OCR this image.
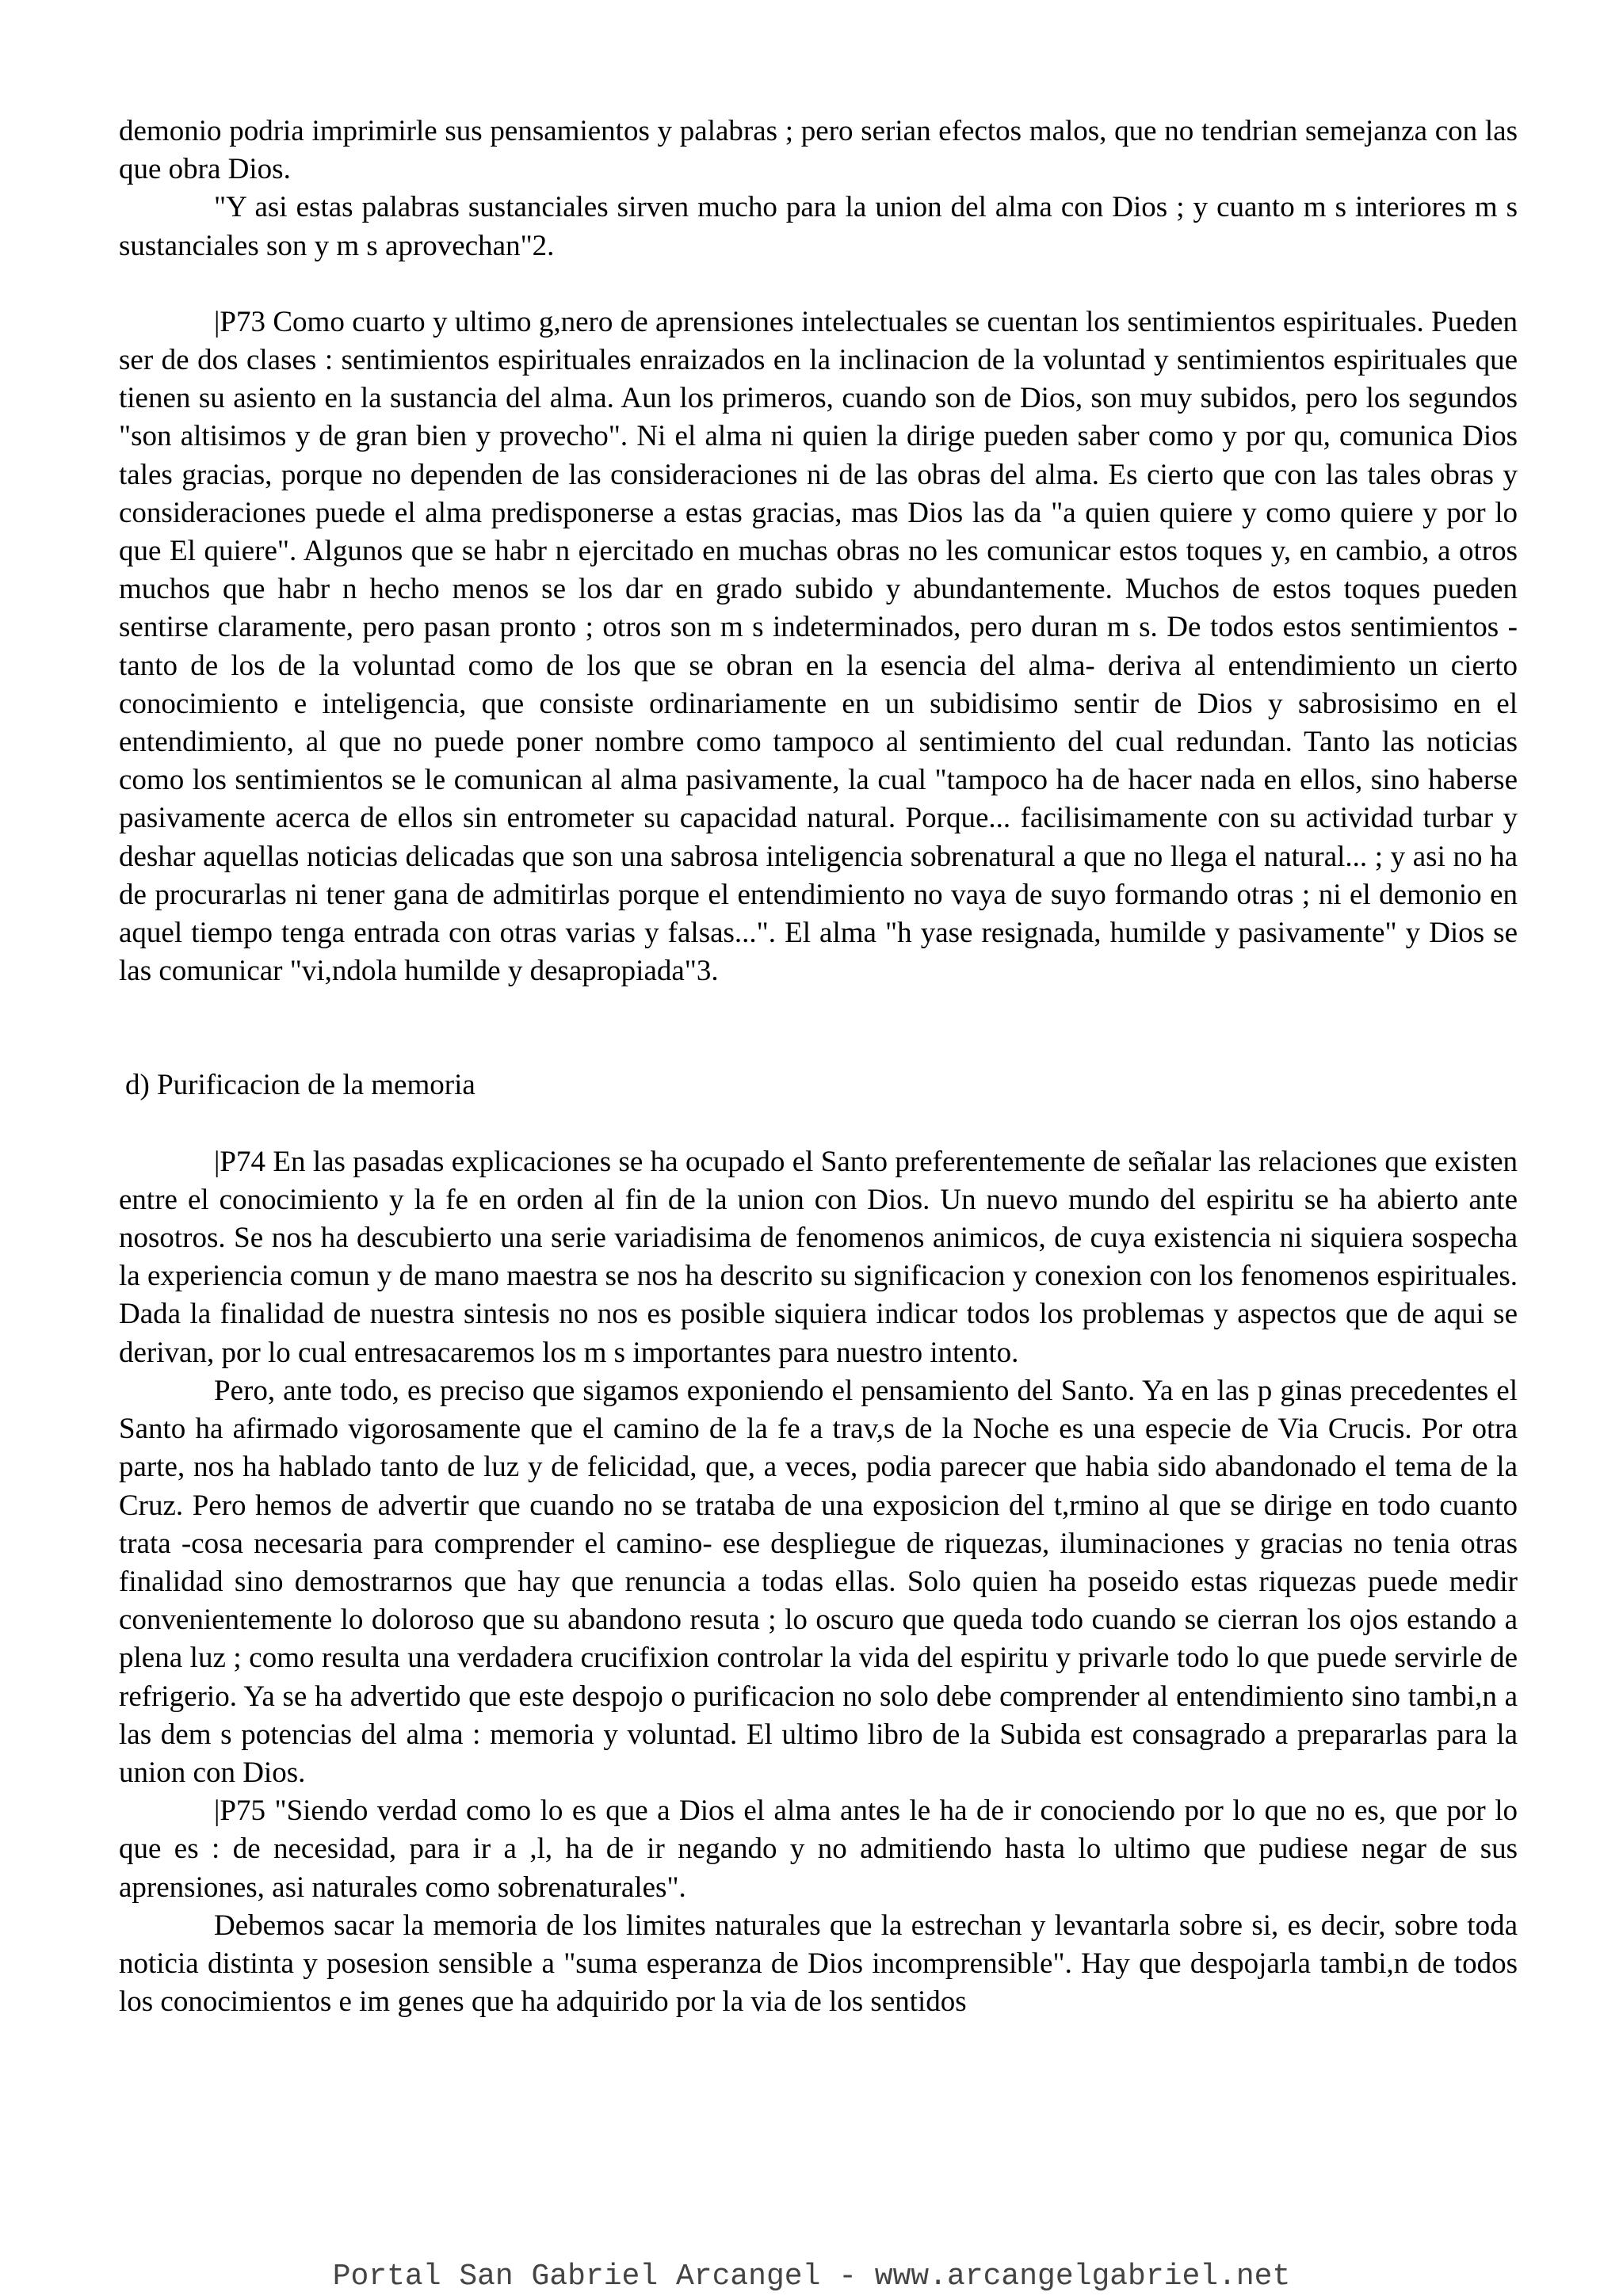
demonio podria imprimirle sus pensamientos y palabras ; pero serian efectos malos, que no tendrian semejanza con las que obra Dios.

"Y asi estas palabras sustanciales sirven mucho para la union del alma con Dios ; y cuanto m s interiores m s sustanciales son y m s aprovechan"2.

|P73 Como cuarto y ultimo g,nero de aprensiones intelectuales se cuentan los sentimientos espirituales. Pueden ser de dos clases : sentimientos espirituales enraizados en la inclinacion de la voluntad y sentimientos espirituales que tienen su asiento en la sustancia del alma. Aun los primeros, cuando son de Dios, son muy subidos, pero los segundos "son altisimos y de gran bien y provecho". Ni el alma ni quien la dirige pueden saber como y por qu, comunica Dios tales gracias, porque no dependen de las consideraciones ni de las obras del alma. Es cierto que con las tales obras y consideraciones puede el alma predisponerse a estas gracias, mas Dios las da "a quien quiere y como quiere y por lo que El quiere". Algunos que se habr n ejercitado en muchas obras no les comunicar estos toques y, en cambio, a otros muchos que habr n hecho menos se los dar en grado subido y abundantemente. Muchos de estos toques pueden sentirse claramente, pero pasan pronto ; otros son m s indeterminados, pero duran m s. De todos estos sentimientos -tanto de los de la voluntad como de los que se obran en la esencia del alma- deriva al entendimiento un cierto conocimiento e inteligencia, que consiste ordinariamente en un subidisimo sentir de Dios y sabrosisimo en el entendimiento, al que no puede poner nombre como tampoco al sentimiento del cual redundan. Tanto las noticias como los sentimientos se le comunican al alma pasivamente, la cual "tampoco ha de hacer nada en ellos, sino haberse pasivamente acerca de ellos sin entrometer su capacidad natural. Porque... facilisimamente con su actividad turbar y deshar aquellas noticias delicadas que son una sabrosa inteligencia sobrenatural a que no llega el natural... ; y asi no ha de procurarlas ni tener gana de admitirlas porque el entendimiento no vaya de suyo formando otras ; ni el demonio en aquel tiempo tenga entrada con otras varias y falsas...". El alma "h yase resignada, humilde y pasivamente" y Dios se las comunicar "vi,ndola humilde y desapropiada"3.

d) Purificacion de la memoria

|P74 En las pasadas explicaciones se ha ocupado el Santo preferentemente de señalar las relaciones que existen entre el conocimiento y la fe en orden al fin de la union con Dios. Un nuevo mundo del espiritu se ha abierto ante nosotros. Se nos ha descubierto una serie variadisima de fenomenos animicos, de cuya existencia ni siquiera sospecha la experiencia comun y de mano maestra se nos ha descrito su significacion y conexion con los fenomenos espirituales. Dada la finalidad de nuestra sintesis no nos es posible siquiera indicar todos los problemas y aspectos que de aqui se derivan, por lo cual entresacaremos los m s importantes para nuestro intento.

Pero, ante todo, es preciso que sigamos exponiendo el pensamiento del Santo. Ya en las p ginas precedentes el Santo ha afirmado vigorosamente que el camino de la fe a trav,s de la Noche es una especie de Via Crucis. Por otra parte, nos ha hablado tanto de luz y de felicidad, que, a veces, podia parecer que habia sido abandonado el tema de la Cruz. Pero hemos de advertir que cuando no se trataba de una exposicion del t,rmino al que se dirige en todo cuanto trata -cosa necesaria para comprender el camino- ese despliegue de riquezas, iluminaciones y gracias no tenia otras finalidad sino demostrarnos que hay que renuncia a todas ellas. Solo quien ha poseido estas riquezas puede medir convenientemente lo doloroso que su abandono resuta ; lo oscuro que queda todo cuando se cierran los ojos estando a plena luz ; como resulta una verdadera crucifixion controlar la vida del espiritu y privarle todo lo que puede servirle de refrigerio. Ya se ha advertido que este despojo o purificacion no solo debe comprender al entendimiento sino tambi,n a las dem s potencias del alma : memoria y voluntad. El ultimo libro de la Subida est consagrado a prepararlas para la union con Dios.

|P75 "Siendo verdad como lo es que a Dios el alma antes le ha de ir conociendo por lo que no es, que por lo que es : de necesidad, para ir a ,l, ha de ir negando y no admitiendo hasta lo ultimo que pudiese negar de sus aprensiones, asi naturales como sobrenaturales".

Debemos sacar la memoria de los limites naturales que la estrechan y levantarla sobre si, es decir, sobre toda noticia distinta y posesion sensible a "suma esperanza de Dios incomprensible". Hay que despojarla tambi,n de todos los conocimientos e im genes que ha adquirido por la via de los sentidos

Portal San Gabriel Arcangel - www.arcangelgabriel.net
